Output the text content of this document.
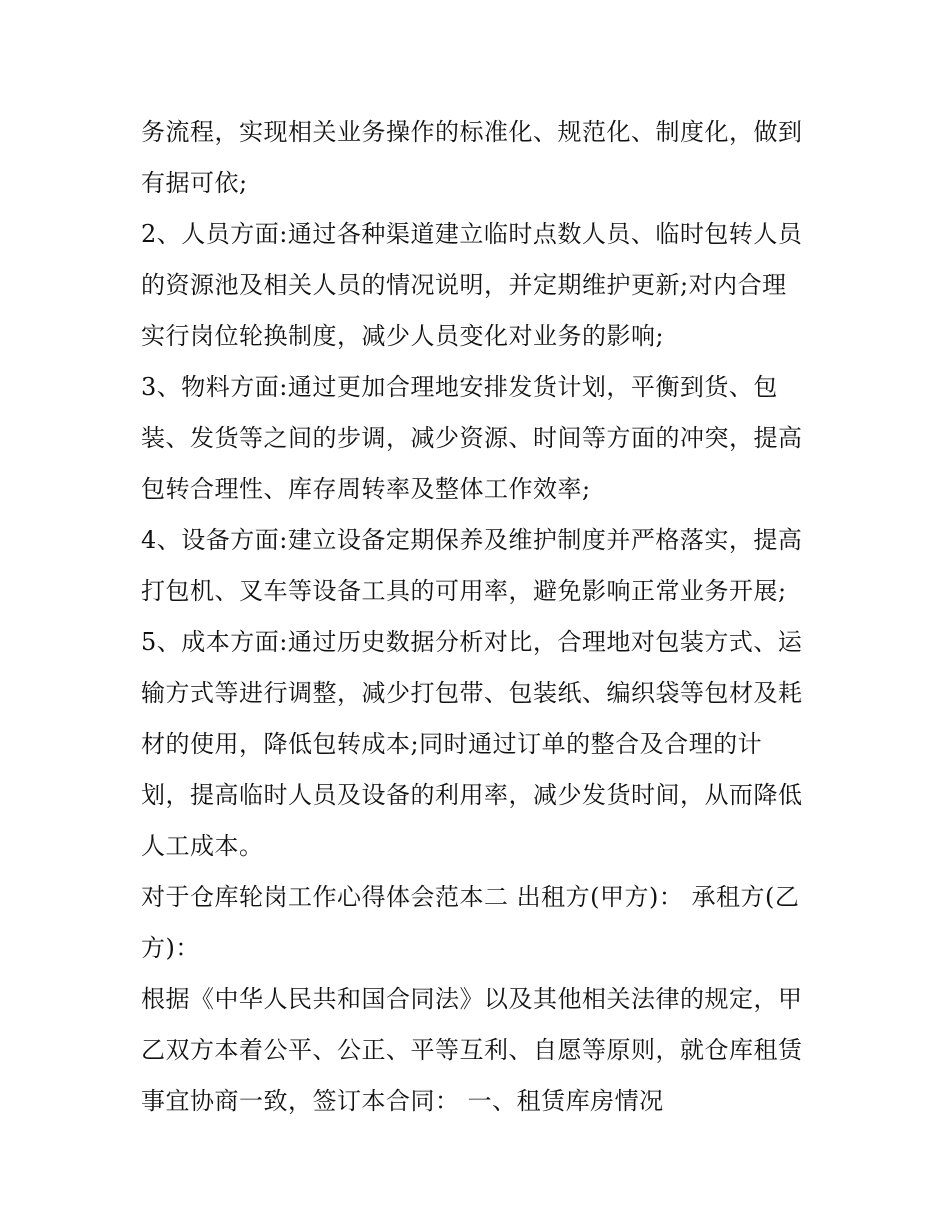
务流程，实现相关业务操作的标准化、规范化、制度化，做到
有据可依;
2、人员方面:通过各种渠道建立临时点数人员、临时包转人员
的资源池及相关人员的情况说明，并定期维护更新;对内合理
实行岗位轮换制度，减少人员变化对业务的影响;
3、物料方面:通过更加合理地安排发货计划，平衡到货、包
装、发货等之间的步调，减少资源、时间等方面的冲突，提高
包转合理性、库存周转率及整体工作效率;
4、设备方面:建立设备定期保养及维护制度并严格落实，提高
打包机、叉车等设备工具的可用率，避免影响正常业务开展;
5、成本方面:通过历史数据分析对比，合理地对包装方式、运
输方式等进行调整，减少打包带、包装纸、编织袋等包材及耗
材的使用，降低包转成本;同时通过订单的整合及合理的计
划，提高临时人员及设备的利用率，减少发货时间，从而降低
人工成本。
对于仓库轮岗工作心得体会范本二 出租方(甲方)： 承租方(乙
方)：
根据《中华人民共和国合同法》以及其他相关法律的规定，甲
乙双方本着公平、公正、平等互利、自愿等原则，就仓库租赁
事宜协商一致，签订本合同： 一、租赁库房情况
